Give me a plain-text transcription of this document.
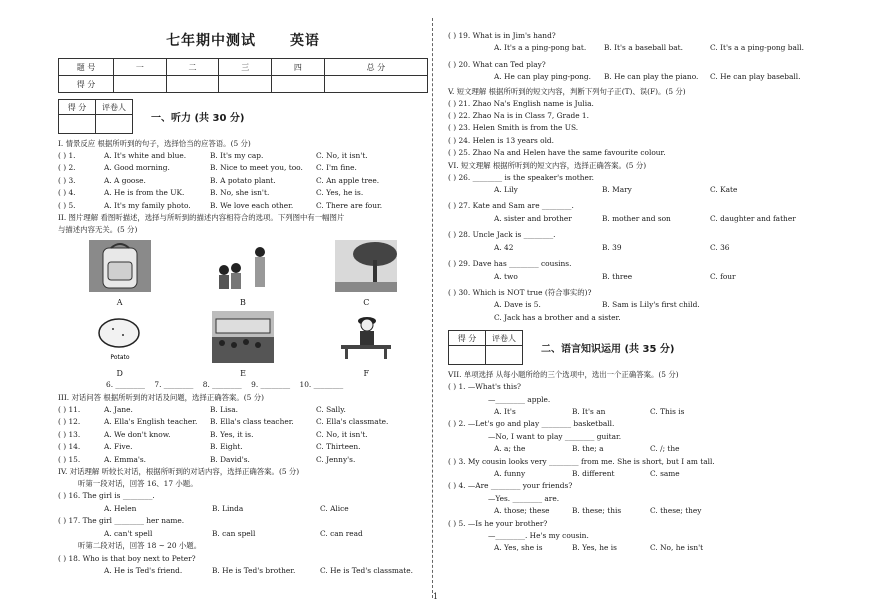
七年期中测试 英语
题 号	一	二	三	四	总 分
得 分					
得 分	评卷人

一、听力 (共 30 分)
I. 情景反应 根据所听到的句子，选择恰当的应答语。(5 分)
( ) 1.	A. It's white and blue.	B. It's my cap.	C. No, it isn't.
( ) 2.	A. Good morning.	B. Nice to meet you, too.	C. I'm fine.
( ) 3.	A. A goose.	B. A potato plant.	C. An apple tree.
( ) 4.	A. He is from the UK.	B. No, she isn't.	C. Yes, he is.
( ) 5.	A. It's my family photo.	B. We love each other.	C. There are four.
II. 图片理解 看图听描述，选择与所听到的描述内容相符合的选项。下列图中有一幅图片
与描述内容无关。(5 分)
A	B	C
Potato
D	E	F
6. ________ 7. ________ 8. ________ 9. ________ 10. ________
III. 对话问答 根据所听到的对话及问题，选择正确答案。(5 分)
( ) 11.	A. Jane.	B. Lisa.	C. Sally.
( ) 12.	A. Ella's English teacher.	B. Ella's class teacher.	C. Ella's classmate.
( ) 13.	A. We don't know.	B. Yes, it is.	C. No, it isn't.
( ) 14.	A. Five.	B. Eight.	C. Thirteen.
( ) 15.	A. Emma's.	B. David's.	C. Jenny's.
IV. 对话理解 听较长对话，根据所听到的对话内容，选择正确答案。(5 分)
听第一段对话，回答 16、17 小题。
( ) 16. The girl is ________.
A. Helen	B. Linda	C. Alice
( ) 17. The girl ________ her name.
A. can't spell	B. can spell	C. can read
听第二段对话，回答 18 ~ 20 小题。
( ) 18. Who is that boy next to Peter?
A. He is Ted's friend.	B. He is Ted's brother.	C. He is Ted's classmate.
( ) 19. What is in Jim's hand?
A. It's a a ping-pong bat.	B. It's a baseball bat.	C. It's a a ping-pong ball.
( ) 20. What can Ted play?
A. He can play ping-pong.	B. He can play the piano.	C. He can play baseball.
V. 短文理解 根据所听到的短文内容，判断下列句子正(T)、误(F)。(5 分)
( ) 21. Zhao Na's English name is Julia.
( ) 22. Zhao Na is in Class 7, Grade 1.
( ) 23. Helen Smith is from the US.
( ) 24. Helen is 13 years old.
( ) 25. Zhao Na and Helen have the same favourite colour.
VI. 短文理解 根据所听到的短文内容，选择正确答案。(5 分)
( ) 26. ________ is the speaker's mother.
A. Lily	B. Mary	C. Kate
( ) 27. Kate and Sam are ________.
A. sister and brother	B. mother and son	C. daughter and father
( ) 28. Uncle Jack is ________.
A. 42	B. 39	C. 36
( ) 29. Dave has ________ cousins.
A. two	B. three	C. four
( ) 30. Which is NOT true (符合事实的)?
A. Dave is 5.	B. Sam is Lily's first child.
C. Jack has a brother and a sister.
得 分	评卷人

二、语言知识运用 (共 35 分)
VII. 单项选择 从每小题所给的三个选项中，选出一个正确答案。(5 分)
( ) 1. —What's this?
—________ apple.
A. It's	B. It's an	C. This is
( ) 2. —Let's go and play ________ basketball.
—No, I want to play ________ guitar.
A. a; the	B. the; a	C. /; the
( ) 3. My cousin looks very ________ from me. She is short, but I am tall.
A. funny	B. different	C. same
( ) 4. —Are ________ your friends?
—Yes. ________ are.
A. those; these	B. these; this	C. these; they
( ) 5. —Is he your brother?
—________. He's my cousin.
A. Yes, she is	B. Yes, he is	C. No, he isn't
1
